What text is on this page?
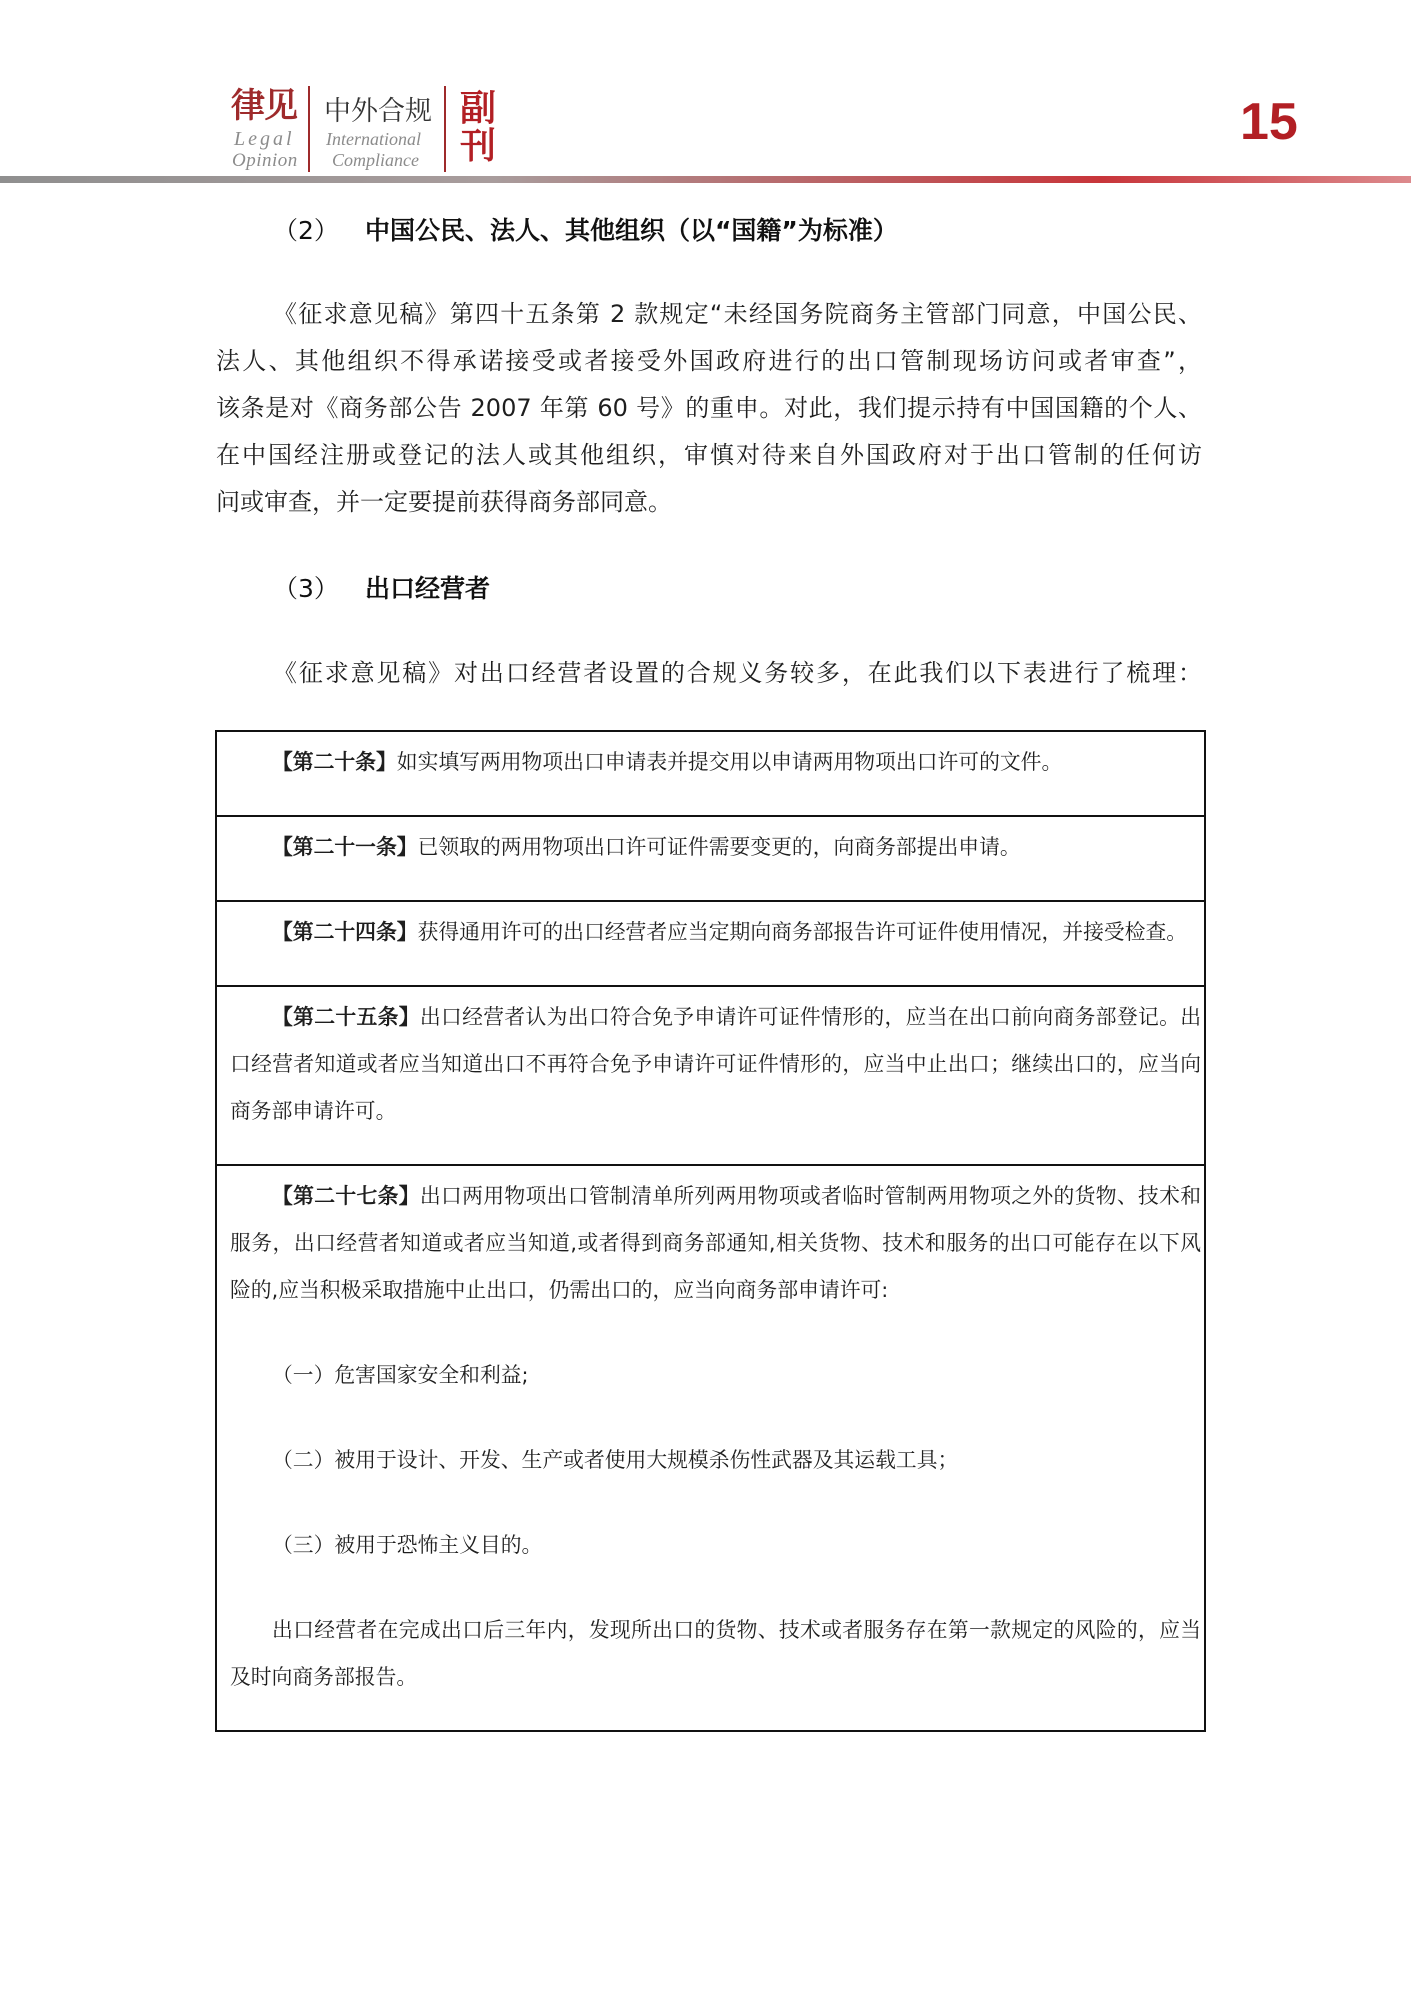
律见
Legal
Opinion
中外合规
International
Compliance
副
刊	15
（2） 中国公民、法人、其他组织（以“国籍”为标准）
《征求意见稿》第四十五条第 2 款规定“未经国务院商务主管部门同意，中国公民、
法人、其他组织不得承诺接受或者接受外国政府进行的出口管制现场访问或者审查”，
该条是对《商务部公告 2007 年第 60 号》的重申。对此，我们提示持有中国国籍的个人、
在中国经注册或登记的法人或其他组织，审慎对待来自外国政府对于出口管制的任何访
问或审查，并一定要提前获得商务部同意。
（3） 出口经营者
《征求意见稿》对出口经营者设置的合规义务较多，在此我们以下表进行了梳理：
【第二十条】如实填写两用物项出口申请表并提交用以申请两用物项出口许可的文件。

【第二十一条】已领取的两用物项出口许可证件需要变更的，向商务部提出申请。

【第二十四条】获得通用许可的出口经营者应当定期向商务部报告许可证件使用情况，并接受检查。

【第二十五条】出口经营者认为出口符合免予申请许可证件情形的，应当在出口前向商务部登记。出
口经营者知道或者应当知道出口不再符合免予申请许可证件情形的，应当中止出口；继续出口的，应当向
商务部申请许可。

【第二十七条】出口两用物项出口管制清单所列两用物项或者临时管制两用物项之外的货物、技术和
服务，出口经营者知道或者应当知道,或者得到商务部通知,相关货物、技术和服务的出口可能存在以下风
险的,应当积极采取措施中止出口，仍需出口的，应当向商务部申请许可:
（一）危害国家安全和利益;
（二）被用于设计、开发、生产或者使用大规模杀伤性武器及其运载工具；
（三）被用于恐怖主义目的。
出口经营者在完成出口后三年内，发现所出口的货物、技术或者服务存在第一款规定的风险的，应当
及时向商务部报告。
